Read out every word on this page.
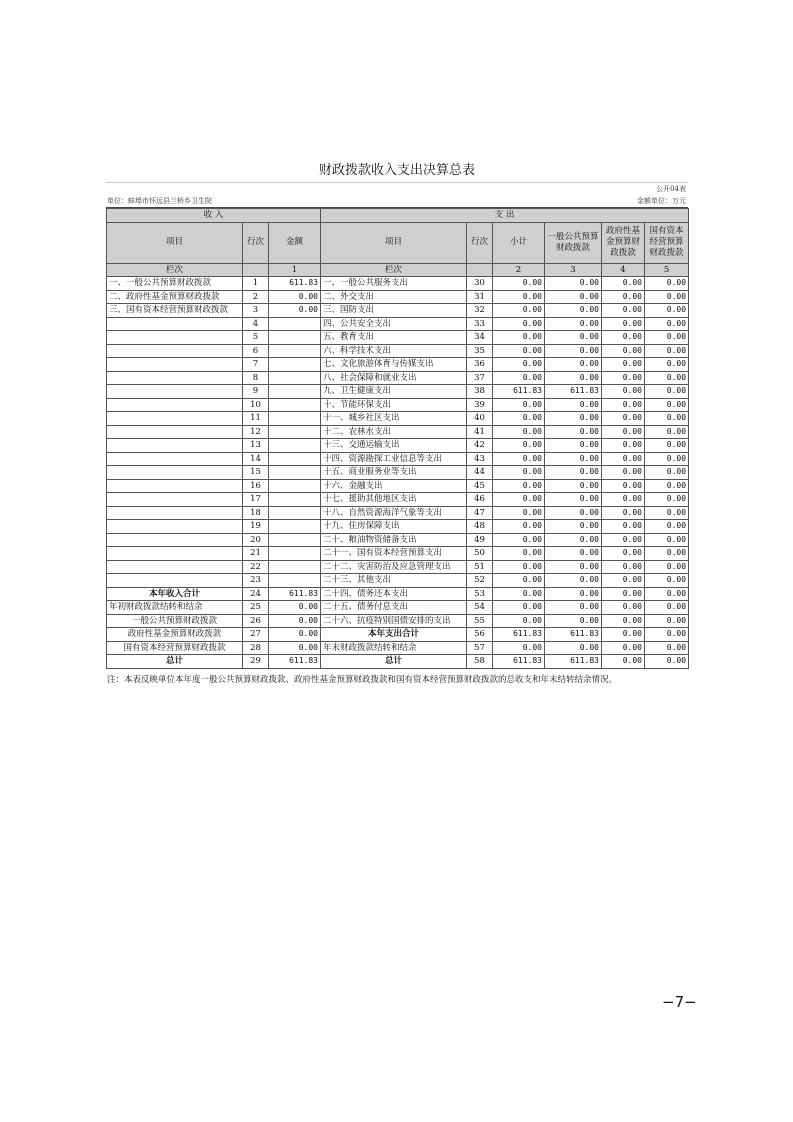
财政拨款收入支出决算总表
公开04表
单位：蚌埠市怀远县兰桥乡卫生院	金额单位：万元
收 入			支 出					
项目	行次	金额	项目	行次	小计	一般公共预算财政拨款	政府性基金预算财政拨款	国有资本经营预算财政拨款
栏次		1	栏次		2	3	4	5
一、一般公共预算财政拨款	1	611.83	一、一般公共服务支出	30	0.00	0.00	0.00	0.00
二、政府性基金预算财政拨款	2	0.00	二、外交支出	31	0.00	0.00	0.00	0.00
三、国有资本经营预算财政拨款	3	0.00	三、国防支出	32	0.00	0.00	0.00	0.00
	4		四、公共安全支出	33	0.00	0.00	0.00	0.00
	5		五、教育支出	34	0.00	0.00	0.00	0.00
	6		六、科学技术支出	35	0.00	0.00	0.00	0.00
	7		七、文化旅游体育与传媒支出	36	0.00	0.00	0.00	0.00
	8		八、社会保障和就业支出	37	0.00	0.00	0.00	0.00
	9		九、卫生健康支出	38	611.83	611.83	0.00	0.00
	10		十、节能环保支出	39	0.00	0.00	0.00	0.00
	11		十一、城乡社区支出	40	0.00	0.00	0.00	0.00
	12		十二、农林水支出	41	0.00	0.00	0.00	0.00
	13		十三、交通运输支出	42	0.00	0.00	0.00	0.00
	14		十四、资源勘探工业信息等支出	43	0.00	0.00	0.00	0.00
	15		十五、商业服务业等支出	44	0.00	0.00	0.00	0.00
	16		十六、金融支出	45	0.00	0.00	0.00	0.00
	17		十七、援助其他地区支出	46	0.00	0.00	0.00	0.00
	18		十八、自然资源海洋气象等支出	47	0.00	0.00	0.00	0.00
	19		十九、住房保障支出	48	0.00	0.00	0.00	0.00
	20		二十、粮油物资储备支出	49	0.00	0.00	0.00	0.00
	21		二十一、国有资本经营预算支出	50	0.00	0.00	0.00	0.00
	22		二十二、灾害防治及应急管理支出	51	0.00	0.00	0.00	0.00
	23		二十三、其他支出	52	0.00	0.00	0.00	0.00
本年收入合计	24	611.83	二十四、债务还本支出	53	0.00	0.00	0.00	0.00
年初财政拨款结转和结余	25	0.00	二十五、债务付息支出	54	0.00	0.00	0.00	0.00
一般公共预算财政拨款	26	0.00	二十六、抗疫特别国债安排的支出	55	0.00	0.00	0.00	0.00
政府性基金预算财政拨款	27	0.00	本年支出合计	56	611.83	611.83	0.00	0.00
国有资本经营预算财政拨款	28	0.00	年末财政拨款结转和结余	57	0.00	0.00	0.00	0.00
总计	29	611.83	总计	58	611.83	611.83	0.00	0.00
注：本表反映单位本年度一般公共预算财政拨款、政府性基金预算财政拨款和国有资本经营预算财政拨款的总收支和年末结转结余情况。
−7−
